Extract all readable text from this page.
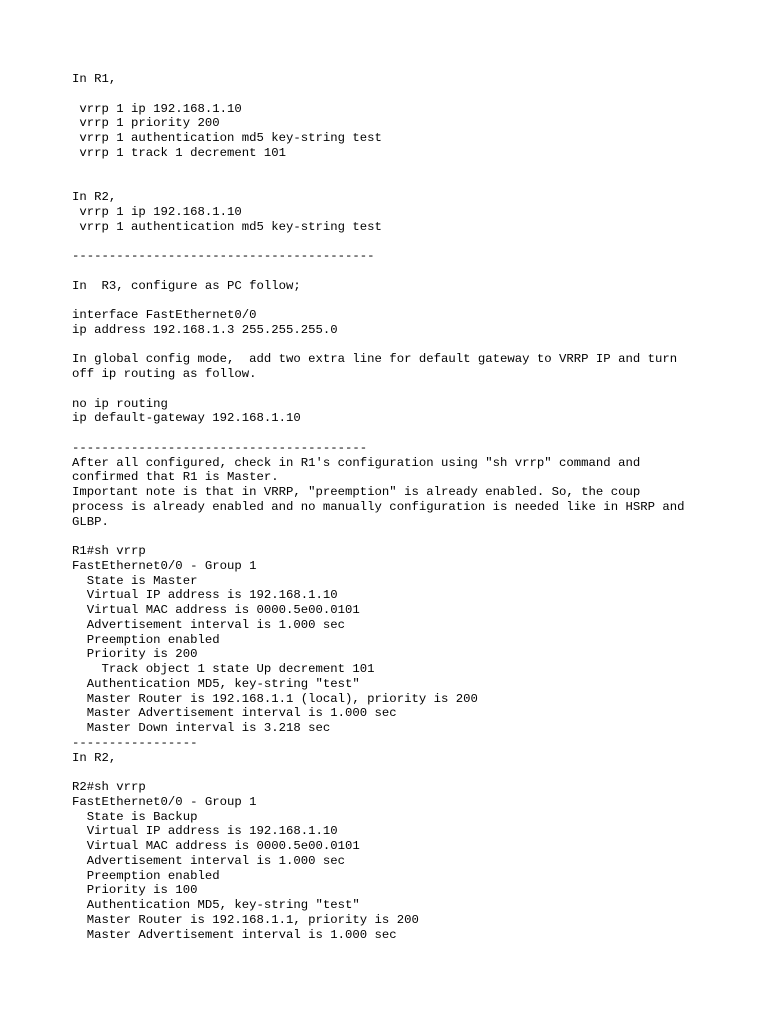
In R1,
vrrp 1 ip 192.168.1.10
vrrp 1 priority 200
vrrp 1 authentication md5 key-string test
vrrp 1 track 1 decrement 101
In R2,
vrrp 1 ip 192.168.1.10
vrrp 1 authentication md5 key-string test
-----------------------------------------
In  R3, configure as PC follow;
interface FastEthernet0/0
ip address 192.168.1.3 255.255.255.0
In global config mode,  add two extra line for default gateway to VRRP IP and turn
off ip routing as follow.
no ip routing
ip default-gateway 192.168.1.10
----------------------------------------
After all configured, check in R1's configuration using "sh vrrp" command and
confirmed that R1 is Master.
Important note is that in VRRP, "preemption" is already enabled. So, the coup
process is already enabled and no manually configuration is needed like in HSRP and
GLBP.
R1#sh vrrp
FastEthernet0/0 - Group 1
State is Master
Virtual IP address is 192.168.1.10
Virtual MAC address is 0000.5e00.0101
Advertisement interval is 1.000 sec
Preemption enabled
Priority is 200
Track object 1 state Up decrement 101
Authentication MD5, key-string "test"
Master Router is 192.168.1.1 (local), priority is 200
Master Advertisement interval is 1.000 sec
Master Down interval is 3.218 sec
-----------------
In R2,
R2#sh vrrp
FastEthernet0/0 - Group 1
State is Backup
Virtual IP address is 192.168.1.10
Virtual MAC address is 0000.5e00.0101
Advertisement interval is 1.000 sec
Preemption enabled
Priority is 100
Authentication MD5, key-string "test"
Master Router is 192.168.1.1, priority is 200
Master Advertisement interval is 1.000 sec
